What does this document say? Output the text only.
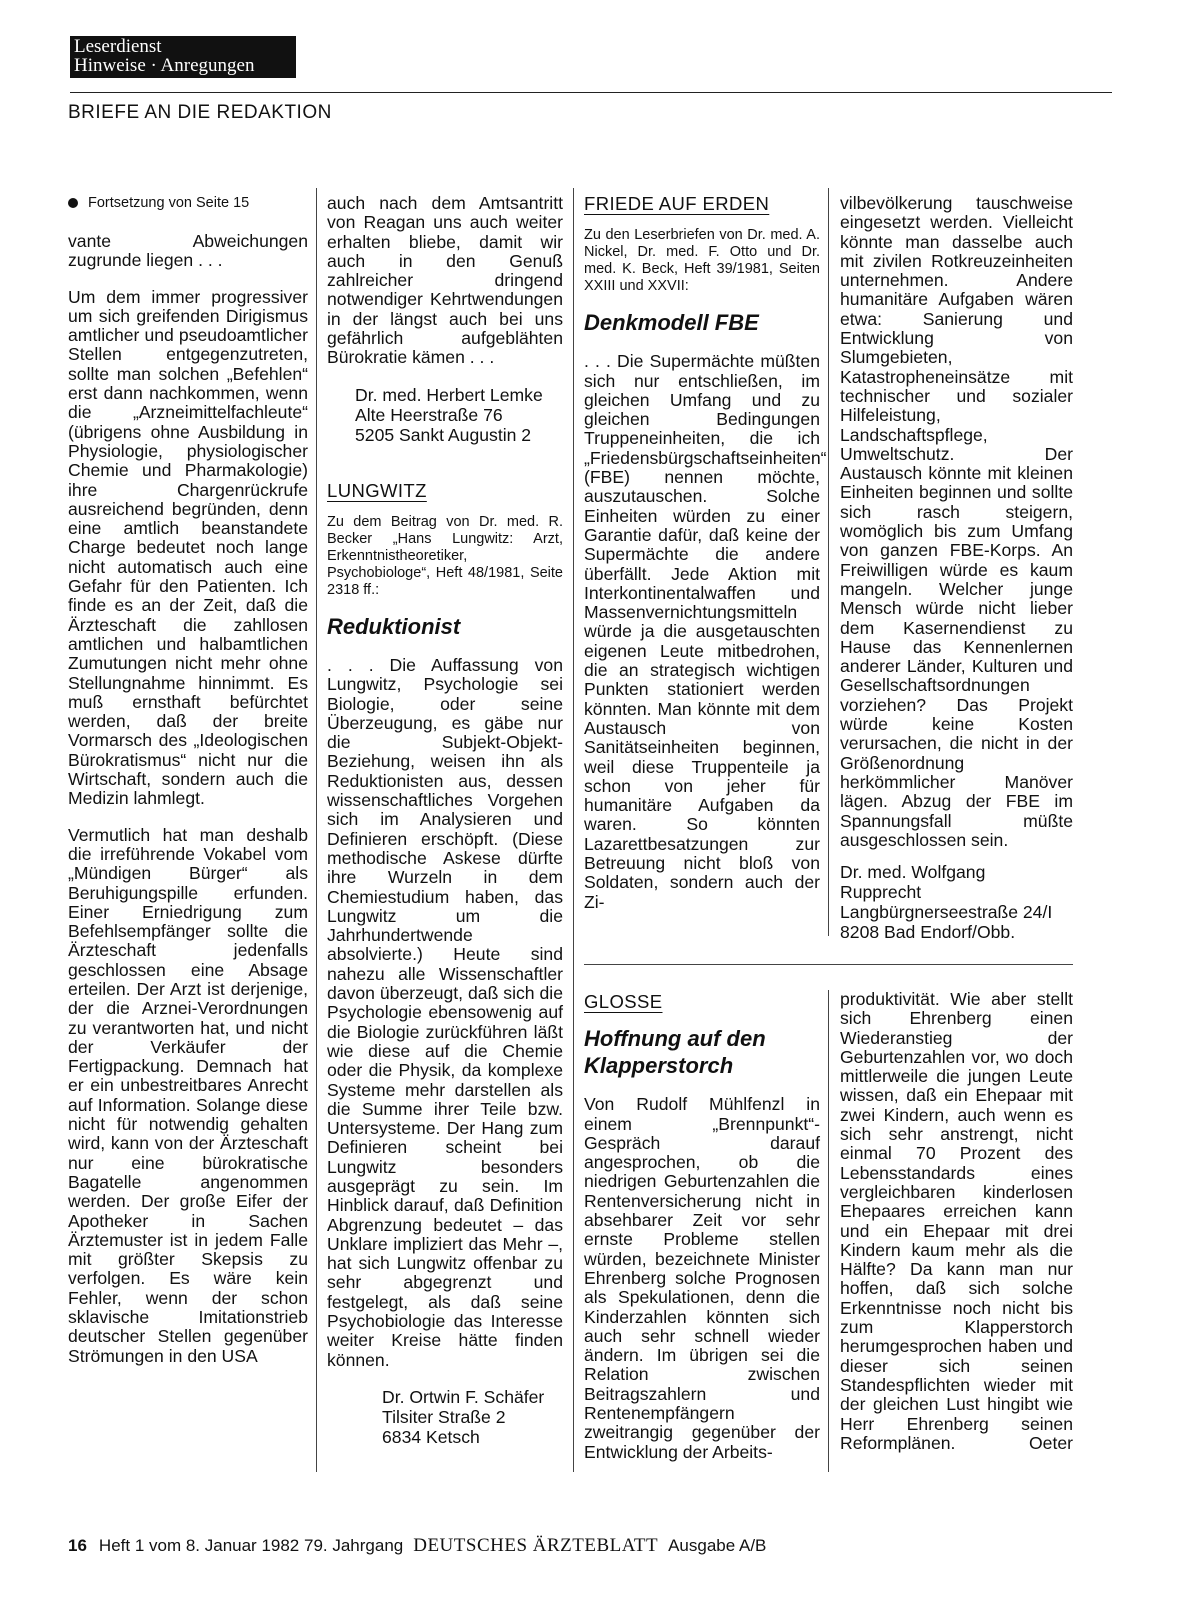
Leserdienst
Hinweise · Anregungen
BRIEFE AN DIE REDAKTION

Fortsetzung von Seite 15

vante Abweichungen zugrunde liegen . . .

Um dem immer progressiver um sich greifenden Dirigismus amtlicher und pseudoamtlicher Stellen entgegenzutreten, sollte man solchen „Befehlen“ erst dann nachkommen, wenn die „Arzneimittelfachleute“ (übrigens ohne Ausbildung in Physiologie, physiologischer Chemie und Pharmakologie) ihre Chargenrückrufe ausreichend begründen, denn eine amtlich beanstandete Charge bedeutet noch lange nicht automatisch auch eine Gefahr für den Patienten. Ich finde es an der Zeit, daß die Ärzteschaft die zahllosen amtlichen und halbamtlichen Zumutungen nicht mehr ohne Stellungnahme hinnimmt. Es muß ernsthaft befürchtet werden, daß der breite Vormarsch des „Ideologischen Bürokratismus“ nicht nur die Wirtschaft, sondern auch die Medizin lahmlegt.

Vermutlich hat man deshalb die irreführende Vokabel vom „Mündigen Bürger“ als Beruhigungspille erfunden. Einer Erniedrigung zum Befehlsempfänger sollte die Ärzteschaft jedenfalls geschlossen eine Absage erteilen. Der Arzt ist derjenige, der die Arznei-Verordnungen zu verantworten hat, und nicht der Verkäufer der Fertigpackung. Demnach hat er ein unbestreitbares Anrecht auf Information. Solange diese nicht für notwendig gehalten wird, kann von der Ärzteschaft nur eine bürokratische Bagatelle angenommen werden. Der große Eifer der Apotheker in Sachen Ärztemuster ist in jedem Falle mit größter Skepsis zu verfolgen. Es wäre kein Fehler, wenn der schon sklavische Imitationstrieb deutscher Stellen gegenüber Strömungen in den USA

auch nach dem Amtsantritt von Reagan uns auch weiter erhalten bliebe, damit wir auch in den Genuß zahlreicher dringend notwendiger Kehrtwendungen in der längst auch bei uns gefährlich aufgeblähten Bürokratie kämen . . .

Dr. med. Herbert Lemke

Alte Heerstraße 76

5205 Sankt Augustin 2

LUNGWITZ

Zu dem Beitrag von Dr. med. R. Becker „Hans Lungwitz: Arzt, Erkenntnistheoretiker, Psychobiologe“, Heft 48/1981, Seite 2318 ff.:

Reduktionist

. . . Die Auffassung von Lungwitz, Psychologie sei Biologie, oder seine Überzeugung, es gäbe nur die Subjekt-Objekt-Beziehung, weisen ihn als Reduktionisten aus, dessen wissenschaftliches Vorgehen sich im Analysieren und Definieren erschöpft. (Diese methodische Askese dürfte ihre Wurzeln in dem Chemiestudium haben, das Lungwitz um die Jahrhundertwende absolvierte.) Heute sind nahezu alle Wissenschaftler davon überzeugt, daß sich die Psychologie ebensowenig auf die Biologie zurückführen läßt wie diese auf die Chemie oder die Physik, da komplexe Systeme mehr darstellen als die Summe ihrer Teile bzw. Untersysteme. Der Hang zum Definieren scheint bei Lungwitz besonders ausgeprägt zu sein. Im Hinblick darauf, daß Definition Abgrenzung bedeutet – das Unklare impliziert das Mehr –, hat sich Lungwitz offenbar zu sehr abgegrenzt und festgelegt, als daß seine Psychobiologie das Interesse weiter Kreise hätte finden können.

Dr. Ortwin F. Schäfer

Tilsiter Straße 2

6834 Ketsch

FRIEDE AUF ERDEN

Zu den Leserbriefen von Dr. med. A. Nickel, Dr. med. F. Otto und Dr. med. K. Beck, Heft 39/1981, Seiten XXIII und XXVII:

Denkmodell FBE

. . . Die Supermächte müßten sich nur entschließen, im gleichen Umfang und zu gleichen Bedingungen Truppeneinheiten, die ich „Friedensbürgschaftseinheiten“ (FBE) nennen möchte, auszutauschen. Solche Einheiten würden zu einer Garantie dafür, daß keine der Supermächte die andere überfällt. Jede Aktion mit Interkontinentalwaffen und Massenvernichtungsmitteln würde ja die ausgetauschten eigenen Leute mitbedrohen, die an strategisch wichtigen Punkten stationiert werden könnten. Man könnte mit dem Austausch von Sanitätseinheiten beginnen, weil diese Truppenteile ja schon von jeher für humanitäre Aufgaben da waren. So könnten Lazarettbesatzungen zur Betreuung nicht bloß von Soldaten, sondern auch der Zi-

vilbevölkerung tauschweise eingesetzt werden. Vielleicht könnte man dasselbe auch mit zivilen Rotkreuzeinheiten unternehmen. Andere humanitäre Aufgaben wären etwa: Sanierung und Entwicklung von Slumgebieten, Katastropheneinsätze mit technischer und sozialer Hilfeleistung, Landschaftspflege, Umweltschutz. Der Austausch könnte mit kleinen Einheiten beginnen und sollte sich rasch steigern, womöglich bis zum Umfang von ganzen FBE-Korps. An Freiwilligen würde es kaum mangeln. Welcher junge Mensch würde nicht lieber dem Kasernendienst zu Hause das Kennenlernen anderer Länder, Kulturen und Gesellschaftsordnungen vorziehen? Das Projekt würde keine Kosten verursachen, die nicht in der Größenordnung herkömmlicher Manöver lägen. Abzug der FBE im Spannungsfall müßte ausgeschlossen sein.

Dr. med. Wolfgang

Rupprecht

Langbürgnerseestraße 24/I

8208 Bad Endorf/Obb.

GLOSSE

Hoffnung auf den Klapperstorch

Von Rudolf Mühlfenzl in einem „Brennpunkt“-Gespräch darauf angesprochen, ob die niedrigen Geburtenzahlen die Rentenversicherung nicht in absehbarer Zeit vor sehr ernste Probleme stellen würden, bezeichnete Minister Ehrenberg solche Prognosen als Spekulationen, denn die Kinderzahlen könnten sich auch sehr schnell wieder ändern. Im übrigen sei die Relation zwischen Beitragszahlern und Rentenempfängern zweitrangig gegenüber der Entwicklung der Arbeits-

produktivität. Wie aber stellt sich Ehrenberg einen Wiederanstieg der Geburtenzahlen vor, wo doch mittlerweile die jungen Leute wissen, daß ein Ehepaar mit zwei Kindern, auch wenn es sich sehr anstrengt, nicht einmal 70 Prozent des Lebensstandards eines vergleichbaren kinderlosen Ehepaares erreichen kann und ein Ehepaar mit drei Kindern kaum mehr als die Hälfte? Da kann man nur hoffen, daß sich solche Erkenntnisse noch nicht bis zum Klapperstorch herumgesprochen haben und dieser sich seinen Standespflichten wieder mit der gleichen Lust hingibt wie Herr Ehrenberg seinen Reformplänen.	Oeter

16 Heft 1 vom 8. Januar 1982 79. Jahrgang DEUTSCHES ÄRZTEBLATT Ausgabe A/B
